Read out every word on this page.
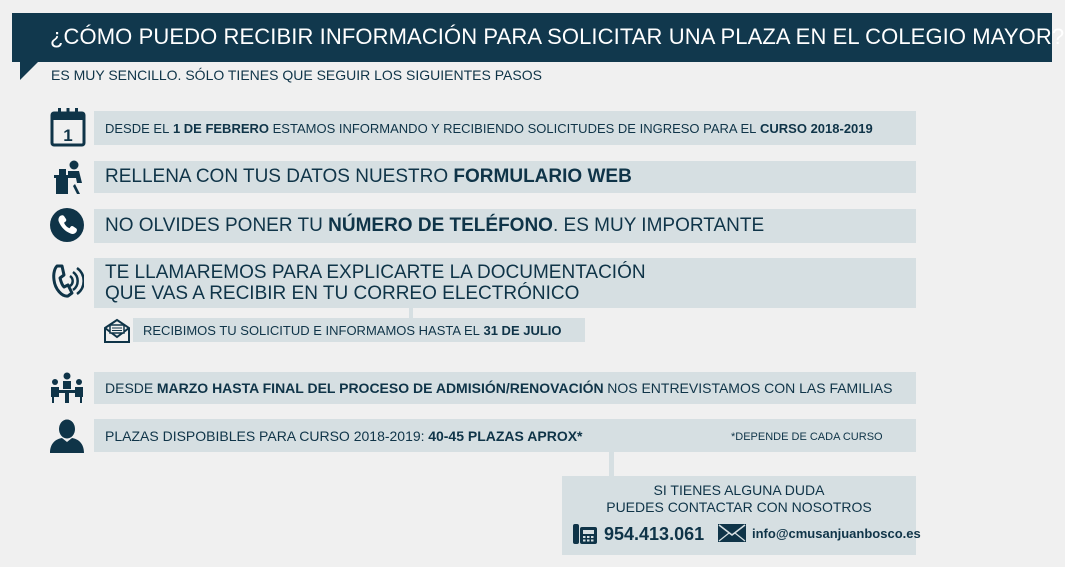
¿CÓMO PUEDO RECIBIR INFORMACIÓN PARA SOLICITAR UNA PLAZA EN EL COLEGIO MAYOR?
ES MUY SENCILLO. SÓLO TIENES QUE SEGUIR LOS SIGUIENTES PASOS
1 DESDE EL
1 DE FEBRERO
ESTAMOS INFORMANDO Y RECIBIENDO SOLICITUDES DE INGRESO PARA EL
CURSO 2018-2019
RELLENA CON TUS DATOS NUESTRO
FORMULARIO WEB
NO OLVIDES PONER TU
NÚMERO DE TELÉFONO . ES MUY IMPORTANTE
TE LLAMAREMOS PARA EXPLICARTE LA DOCUMENTACIÓN
QUE VAS A RECIBIR EN TU CORREO ELECTRÓNICO
RECIBIMOS TU SOLICITUD E INFORMAMOS HASTA EL
31 DE JULIO
DESDE
MARZO HASTA FINAL DEL PROCESO DE ADMISIÓN/RENOVACIÓN
NOS ENTREVISTAMOS CON LAS FAMILIAS
PLAZAS DISPOBIBLES PARA CURSO 2018-2019:
40-45 PLAZAS APROX*	*DEPENDE DE CADA CURSO
SI TIENES ALGUNA DUDA
PUEDES CONTACTAR CON NOSOTROS
954.413.061	info@cmusanjuanbosco.es
